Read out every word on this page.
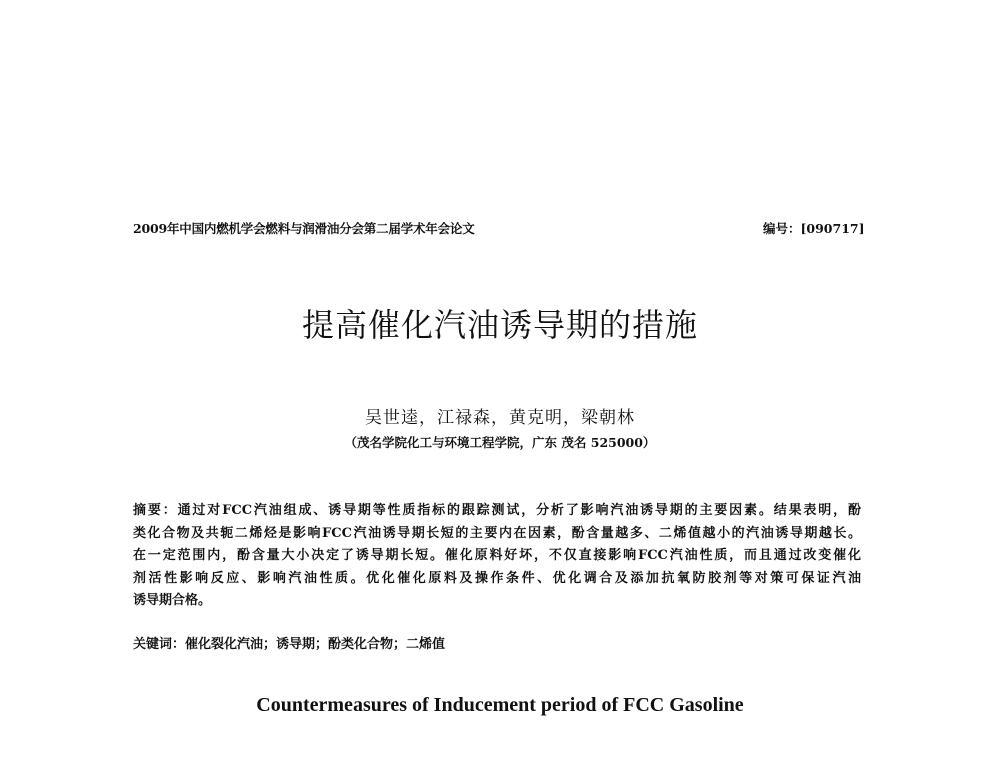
2009年中国内燃机学会燃料与润滑油分会第二届学术年会论文	编号：[090717]
提高催化汽油诱导期的措施
吴世逵，江禄森，黄克明，梁朝林
（茂名学院化工与环境工程学院，广东 茂名 525000）
摘要：通过对FCC汽油组成、诱导期等性质指标的跟踪测试，分析了影响汽油诱导期的主要因素。结果表明，酚
类化合物及共轭二烯烃是影响FCC汽油诱导期长短的主要内在因素，酚含量越多、二烯值越小的汽油诱导期越长。
在一定范围内，酚含量大小决定了诱导期长短。催化原料好坏，不仅直接影响FCC汽油性质，而且通过改变催化
剂活性影响反应、影响汽油性质。优化催化原料及操作条件、优化调合及添加抗氧防胶剂等对策可保证汽油
诱导期合格。
关键词：催化裂化汽油；诱导期；酚类化合物；二烯值
Countermeasures of Inducement period of FCC Gasoline
